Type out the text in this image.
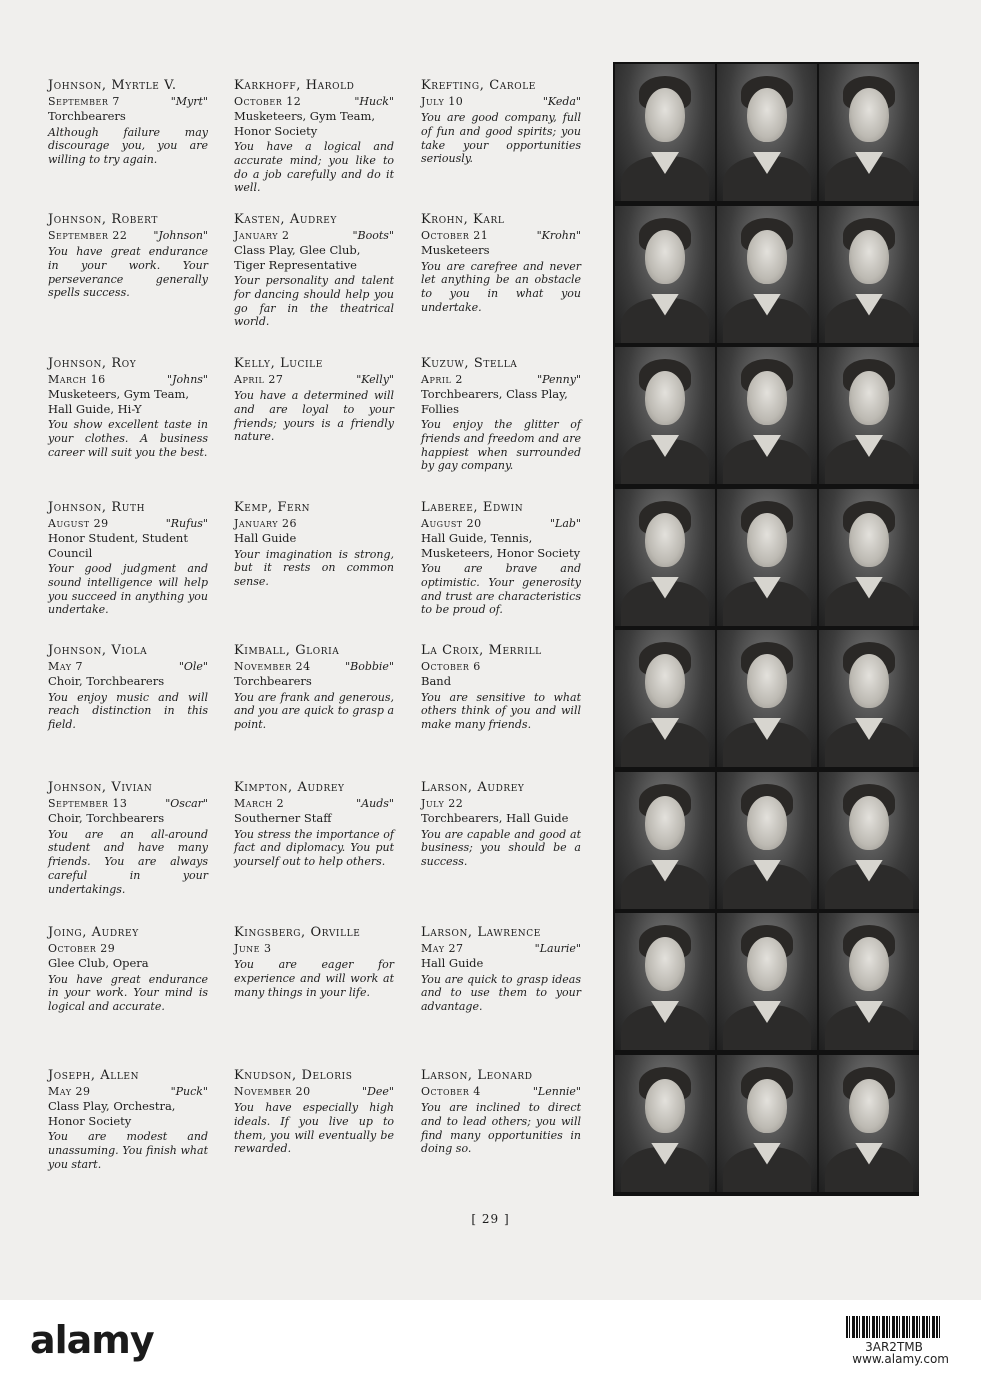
Johnson, Myrtle V.
September 7	"Myrt"
Torchbearers
Although failure may discourage you, you are willing to try again.
Johnson, Robert
September 22 "Johnson"
You have great endurance in your work. Your perseverance generally spells success.
Johnson, Roy
March 16	"Johns"
Musketeers, Gym Team, Hall Guide, Hi-Y
You show excellent taste in your clothes. A business career will suit you the best.
Johnson, Ruth
August 29	"Rufus"
Honor Student, Student Council
Your good judgment and sound intelligence will help you succeed in anything you undertake.
Johnson, Viola
May 7	"Ole"
Choir, Torchbearers
You enjoy music and will reach distinction in this field.
Johnson, Vivian
September 13	"Oscar"
Choir, Torchbearers
You are an all-around student and have many friends. You are always careful in your undertakings.
Joing, Audrey
October 29
Glee Club, Opera
You have great endurance in your work. Your mind is logical and accurate.
Joseph, Allen
May 29	"Puck"
Class Play, Orchestra, Honor Society
You are modest and unassuming. You finish what you start.
Karkhoff, Harold
October 12	"Huck"
Musketeers, Gym Team, Honor Society
You have a logical and accurate mind; you like to do a job carefully and do it well.
Kasten, Audrey
January 2	"Boots"
Class Play, Glee Club, Tiger Representative
Your personality and talent for dancing should help you go far in the theatrical world.
Kelly, Lucile
April 27	"Kelly"
You have a determined will and are loyal to your friends; yours is a friendly nature.
Kemp, Fern
January 26
Hall Guide
Your imagination is strong, but it rests on common sense.
Kimball, Gloria
November 24	"Bobbie"
Torchbearers
You are frank and generous, and you are quick to grasp a point.
Kimpton, Audrey
March 2	"Auds"
Southerner Staff
You stress the importance of fact and diplomacy. You put yourself out to help others.
Kingsberg, Orville
June 3
You are eager for experience and will work at many things in your life.
Knudson, Deloris
November 20	"Dee"
You have especially high ideals. If you live up to them, you will eventually be rewarded.
Krefting, Carole
July 10	"Keda"
You are good company, full of fun and good spirits; you take your opportunities seriously.
Krohn, Karl
October 21	"Krohn"
Musketeers
You are carefree and never let anything be an obstacle to you in what you undertake.
Kuzuw, Stella
April 2	"Penny"
Torchbearers, Class Play, Follies
You enjoy the glitter of friends and freedom and are happiest when surrounded by gay company.
Laberee, Edwin
August 20	"Lab"
Hall Guide, Tennis, Musketeers, Honor Society
You are brave and optimistic. Your generosity and trust are characteristics to be proud of.
La Croix, Merrill
October 6
Band
You are sensitive to what others think of you and will make many friends.
Larson, Audrey
July 22
Torchbearers, Hall Guide
You are capable and good at business; you should be a success.
Larson, Lawrence
May 27	"Laurie"
Hall Guide
You are quick to grasp ideas and to use them to your advantage.
Larson, Leonard
October 4	"Lennie"
You are inclined to direct and to lead others; you will find many opportunities in doing so.
[ 29 ]
alamy	3AR2TMB
www.alamy.com
